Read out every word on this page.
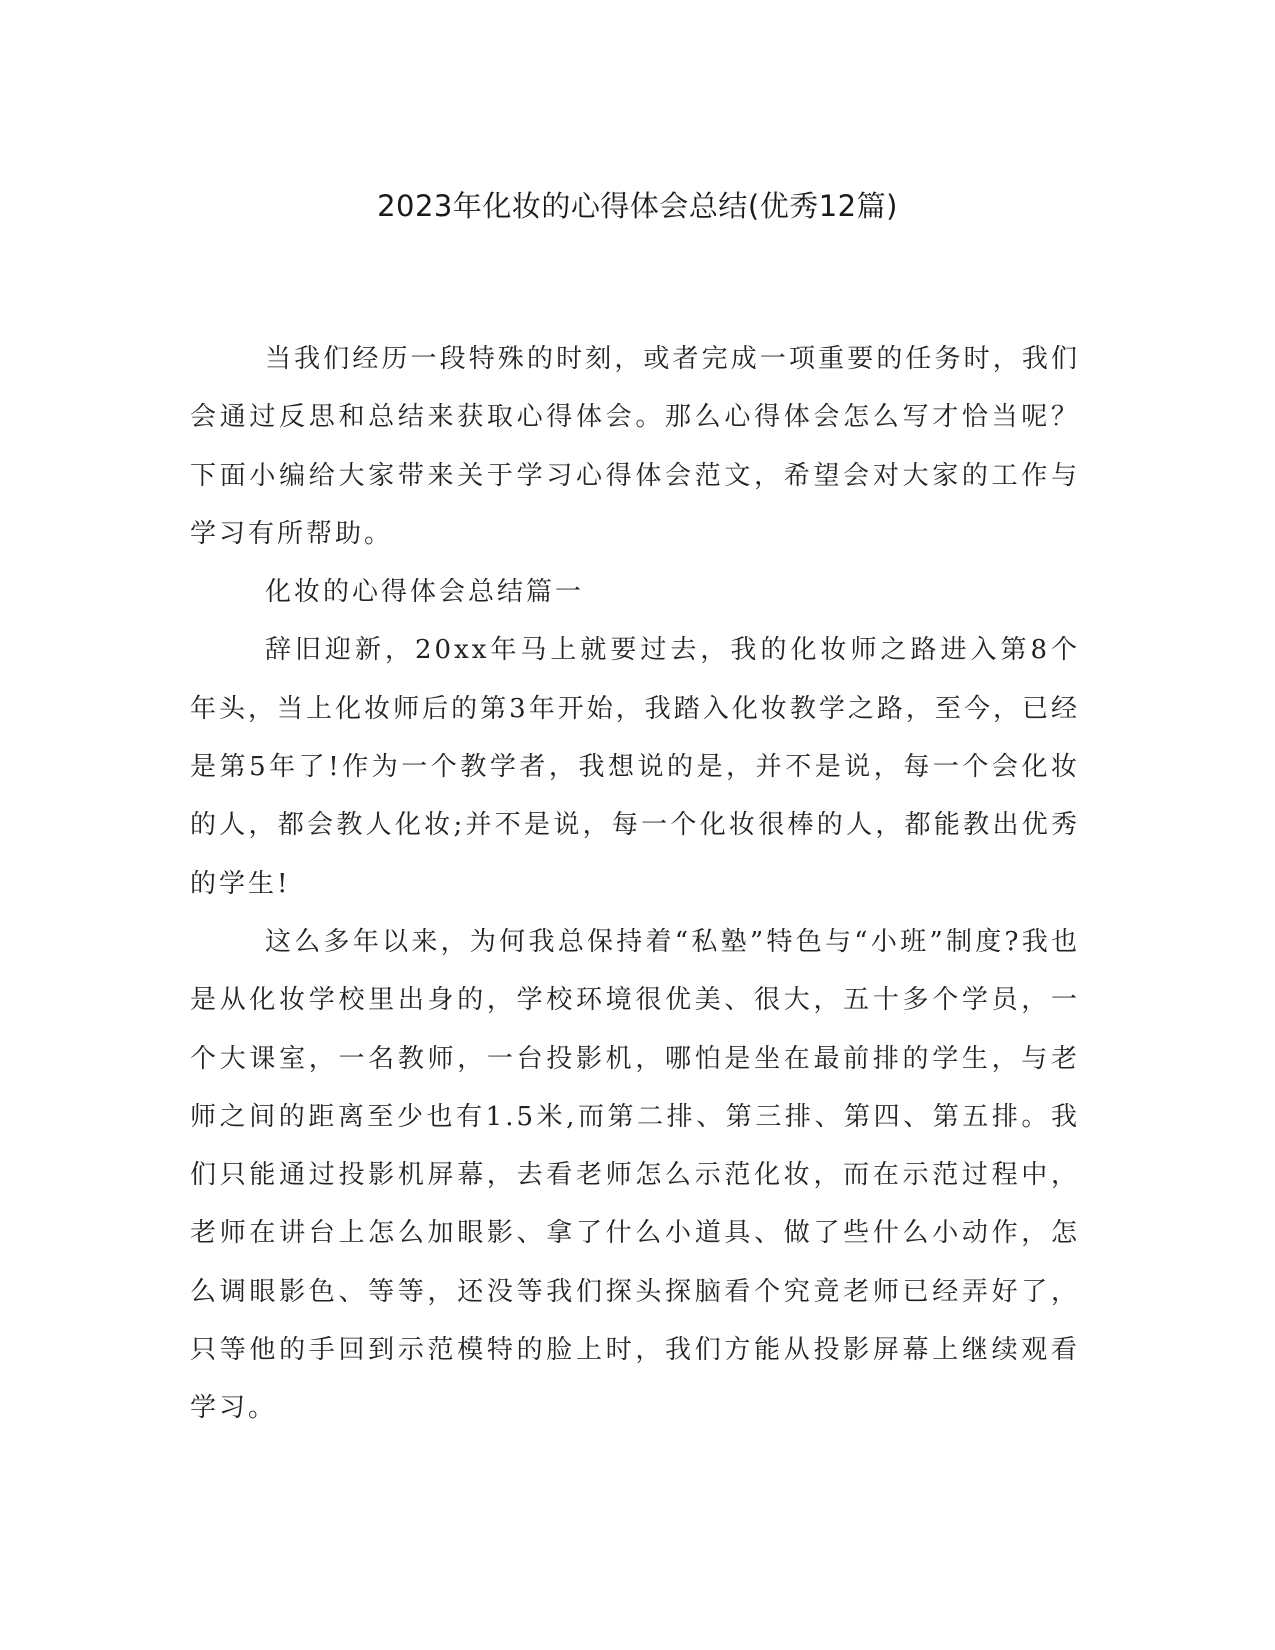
2023年化妆的心得体会总结(优秀12篇)

当我们经历一段特殊的时刻，或者完成一项重要的任务时，我们会通过反思和总结来获取心得体会。那么心得体会怎么写才恰当呢？下面小编给大家带来关于学习心得体会范文，希望会对大家的工作与学习有所帮助。

化妆的心得体会总结篇一

辞旧迎新，20xx年马上就要过去，我的化妆师之路进入第8个年头，当上化妆师后的第3年开始，我踏入化妆教学之路，至今，已经是第5年了!作为一个教学者，我想说的是，并不是说，每一个会化妆的人，都会教人化妆;并不是说，每一个化妆很棒的人，都能教出优秀的学生!

这么多年以来，为何我总保持着“私塾”特色与“小班”制度?我也是从化妆学校里出身的，学校环境很优美、很大，五十多个学员，一个大课室，一名教师，一台投影机，哪怕是坐在最前排的学生，与老师之间的距离至少也有1.5米,而第二排、第三排、第四、第五排。我们只能通过投影机屏幕，去看老师怎么示范化妆，而在示范过程中，老师在讲台上怎么加眼影、拿了什么小道具、做了些什么小动作，怎么调眼影色、等等，还没等我们探头探脑看个究竟老师已经弄好了，只等他的手回到示范模特的脸上时，我们方能从投影屏幕上继续观看学习。
